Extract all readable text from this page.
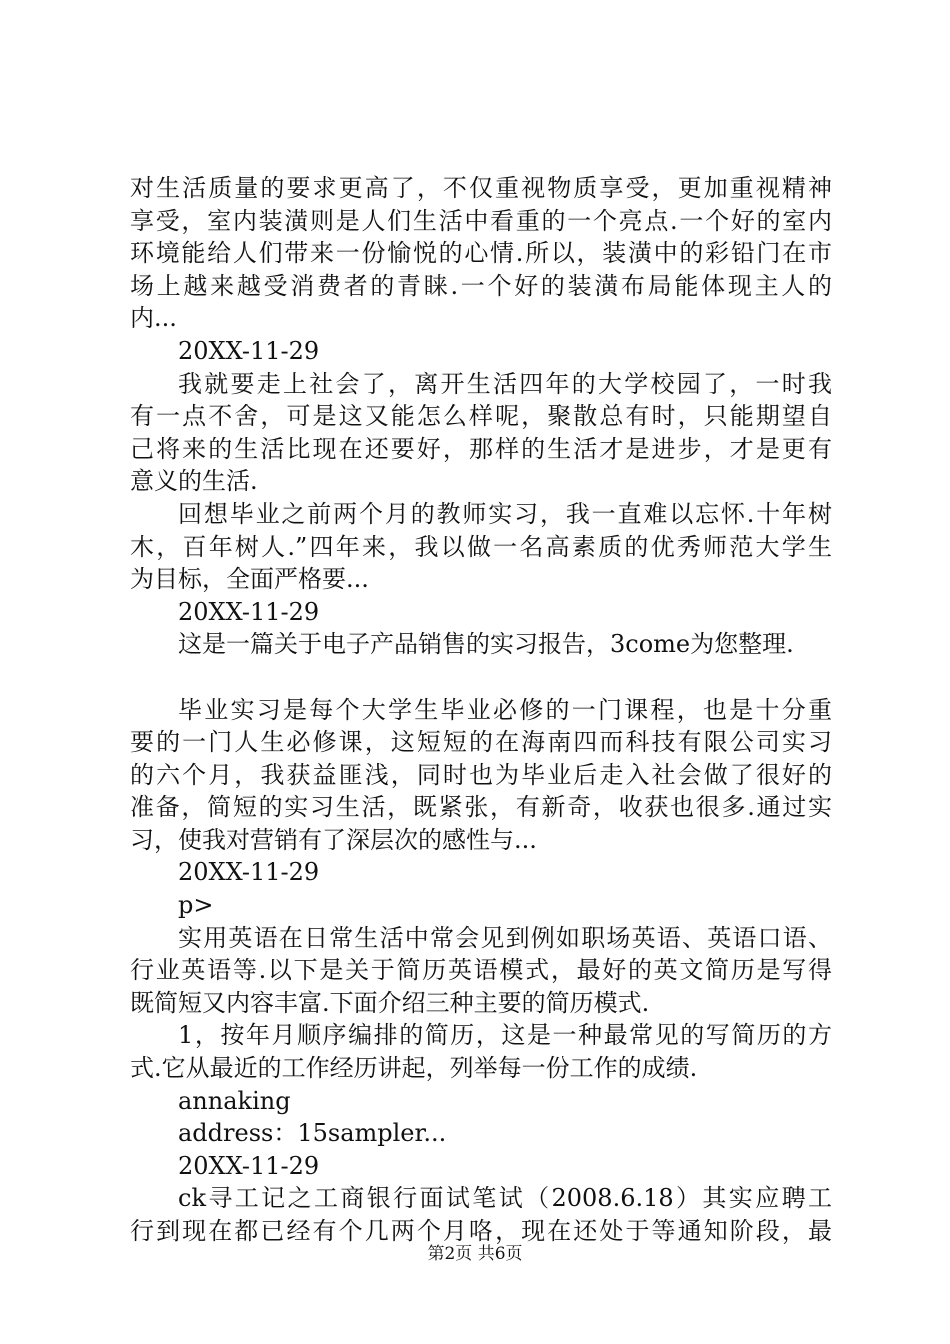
对生活质量的要求更高了，不仅重视物质享受，更加重视精神
享受，室内装潢则是人们生活中看重的一个亮点.一个好的室内
环境能给人们带来一份愉悦的心情.所以，装潢中的彩铅门在市
场上越来越受消费者的青睐.一个好的装潢布局能体现主人的
内...
20XX-11-29
我就要走上社会了，离开生活四年的大学校园了，一时我
有一点不舍，可是这又能怎么样呢，聚散总有时，只能期望自
己将来的生活比现在还要好，那样的生活才是进步，才是更有
意义的生活.
回想毕业之前两个月的教师实习，我一直难以忘怀.十年树
木，百年树人.”四年来，我以做一名高素质的优秀师范大学生
为目标，全面严格要...
20XX-11-29
这是一篇关于电子产品销售的实习报告，3come为您整理.
毕业实习是每个大学生毕业必修的一门课程，也是十分重
要的一门人生必修课，这短短的在海南四而科技有限公司实习
的六个月，我获益匪浅，同时也为毕业后走入社会做了很好的
准备，简短的实习生活，既紧张，有新奇，收获也很多.通过实
习，使我对营销有了深层次的感性与...
20XX-11-29
p>
实用英语在日常生活中常会见到例如职场英语、英语口语、
行业英语等.以下是关于简历英语模式，最好的英文简历是写得
既简短又内容丰富.下面介绍三种主要的简历模式.
1，按年月顺序编排的简历，这是一种最常见的写简历的方
式.它从最近的工作经历讲起，列举每一份工作的成绩.
annaking
address：15sampler...
20XX-11-29
ck寻工记之工商银行面试笔试（2008.6.18）其实应聘工
行到现在都已经有个几两个月咯，现在还处于等通知阶段，最
第2页 共6页
